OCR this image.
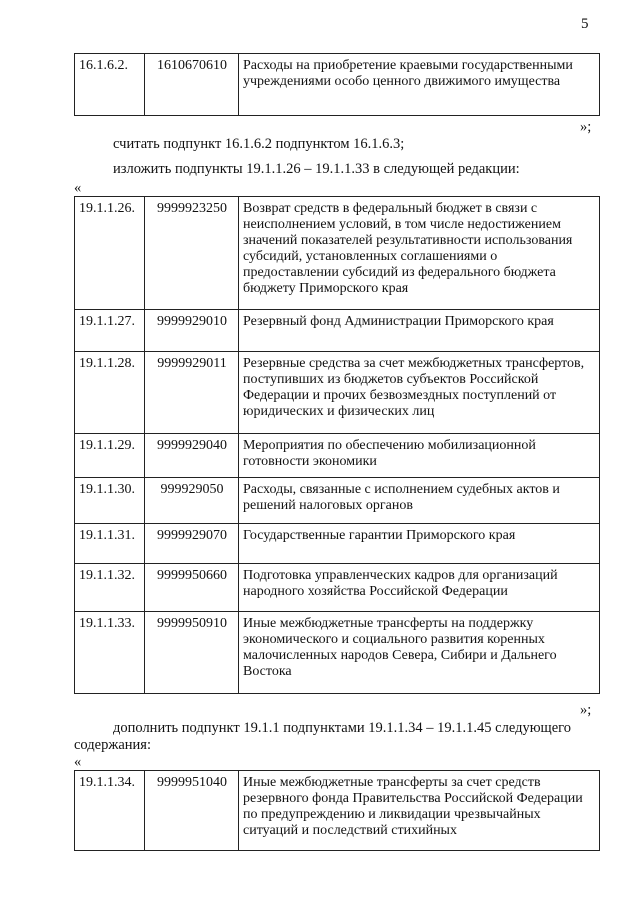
5
16.1.6.2.	1610670610	Расходы на приобретение краевыми государственными учреждениями особо ценного движимого имущества
»;
считать подпункт 16.1.6.2 подпунктом 16.1.6.3;
изложить подпункты 19.1.1.26 – 19.1.1.33 в следующей редакции:
«
19.1.1.26.	9999923250	Возврат средств в федеральный бюджет в связи с неисполнением условий, в том числе недостижением значений показателей результативности использования субсидий, установленных соглашениями о предоставлении субсидий из федерального бюджета бюджету Приморского края
19.1.1.27.	9999929010	Резервный фонд Администрации Приморского края
19.1.1.28.	9999929011	Резервные средства за счет межбюджетных трансфертов, поступивших из бюджетов субъектов Российской Федерации и прочих безвозмездных поступлений от юридических и физических лиц
19.1.1.29.	9999929040	Мероприятия по обеспечению мобилизационной готовности экономики
19.1.1.30.	999929050	Расходы, связанные с исполнением судебных актов и решений налоговых органов
19.1.1.31.	9999929070	Государственные гарантии Приморского края
19.1.1.32.	9999950660	Подготовка управленческих кадров для организаций народного хозяйства Российской Федерации
19.1.1.33.	9999950910	Иные межбюджетные трансферты на поддержку экономического и социального развития коренных малочисленных народов Севера, Сибири и Дальнего Востока
»;
дополнить подпункт 19.1.1 подпунктами 19.1.1.34 – 19.1.1.45 следующего
содержания:
«
19.1.1.34.	9999951040	Иные межбюджетные трансферты за счет средств резервного фонда Правительства Российской Федерации по предупреждению и ликвидации чрезвычайных ситуаций и последствий стихийных
